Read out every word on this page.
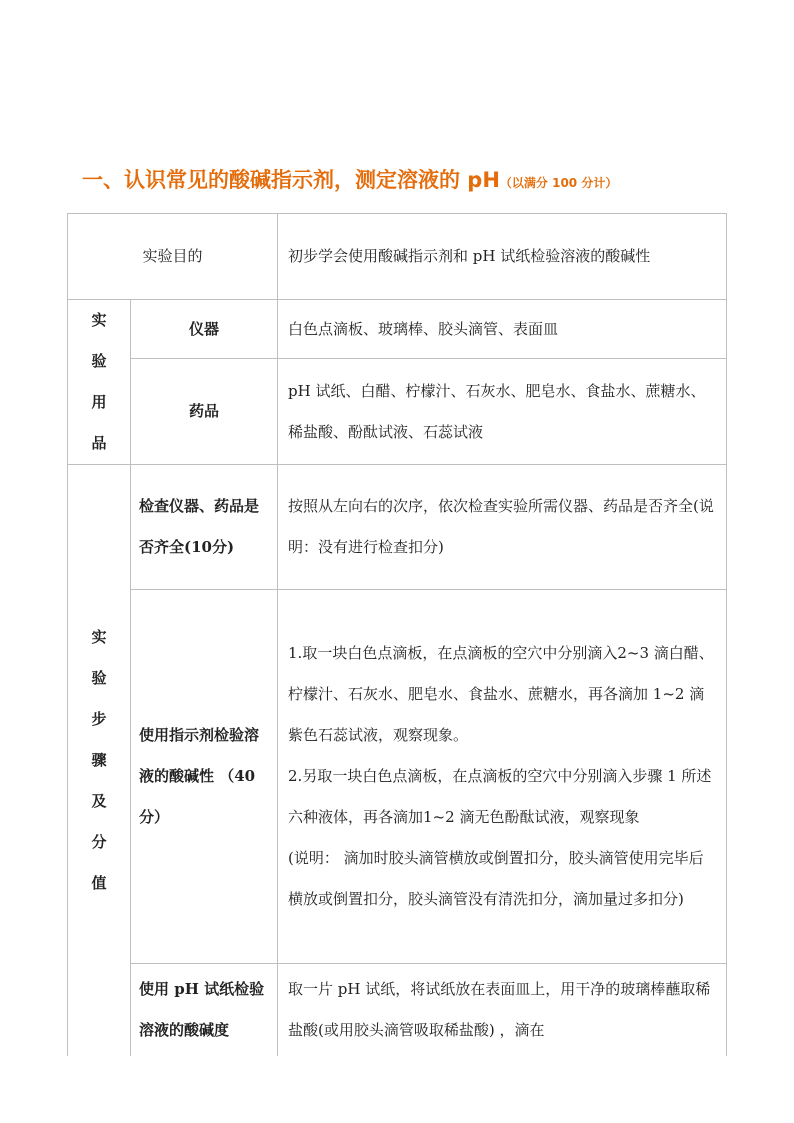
一、认识常见的酸碱指示剂，测定溶液的 pH（以满分 100 分计）
实验目的		初步学会使用酸碱指示剂和 pH 试纸检验溶液的酸碱性
实验用品	仪器	白色点滴板、玻璃棒、胶头滴管、表面皿
	药品	pH 试纸、白醋、柠檬汁、石灰水、肥皂水、食盐水、蔗糖水、稀盐酸、酚酞试液、石蕊试液
实验步骤及分值	检查仪器、药品是否齐全(10分)	按照从左向右的次序，依次检查实验所需仪器、药品是否齐全(说明：没有进行检查扣分)
	使用指示剂检验溶液的酸碱性 （40分）	1.取一块白色点滴板，在点滴板的空穴中分别滴入2~3 滴白醋、柠檬汁、石灰水、肥皂水、食盐水、蔗糖水，再各滴加 1~2 滴紫色石蕊试液，观察现象。
2.另取一块白色点滴板，在点滴板的空穴中分别滴入步骤 1 所述六种液体，再各滴加1~2 滴无色酚酞试液，观察现象
(说明： 滴加时胶头滴管横放或倒置扣分，胶头滴管使用完毕后横放或倒置扣分，胶头滴管没有清洗扣分，滴加量过多扣分)

	使用 pH 试纸检验溶液的酸碱度	取一片 pH 试纸，将试纸放在表面皿上，用干净的玻璃棒蘸取稀盐酸(或用胶头滴管吸取稀盐酸) ，滴在
